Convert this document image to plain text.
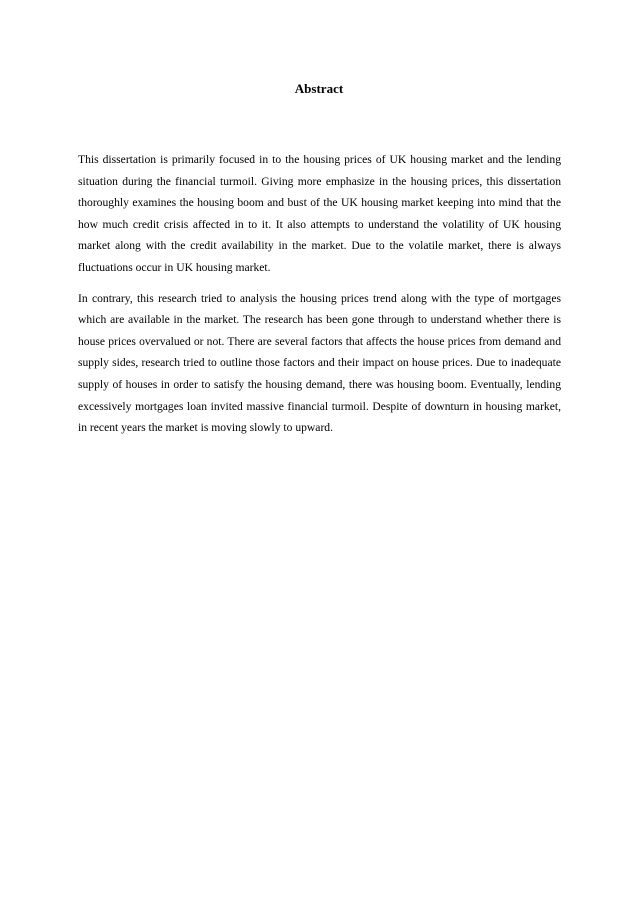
Abstract

This dissertation is primarily focused in to the housing prices of UK housing market and the lending situation during the financial turmoil. Giving more emphasize in the housing prices, this dissertation thoroughly examines the housing boom and bust of the UK housing market keeping into mind that the how much credit crisis affected in to it. It also attempts to understand the volatility of UK housing market along with the credit availability in the market. Due to the volatile market, there is always fluctuations occur in UK housing market.

In contrary, this research tried to analysis the housing prices trend along with the type of mortgages which are available in the market. The research has been gone through to understand whether there is house prices overvalued or not. There are several factors that affects the house prices from demand and supply sides, research tried to outline those factors and their impact on house prices. Due to inadequate supply of houses in order to satisfy the housing demand, there was housing boom. Eventually, lending excessively mortgages loan invited massive financial turmoil. Despite of downturn in housing market, in recent years the market is moving slowly to upward.
